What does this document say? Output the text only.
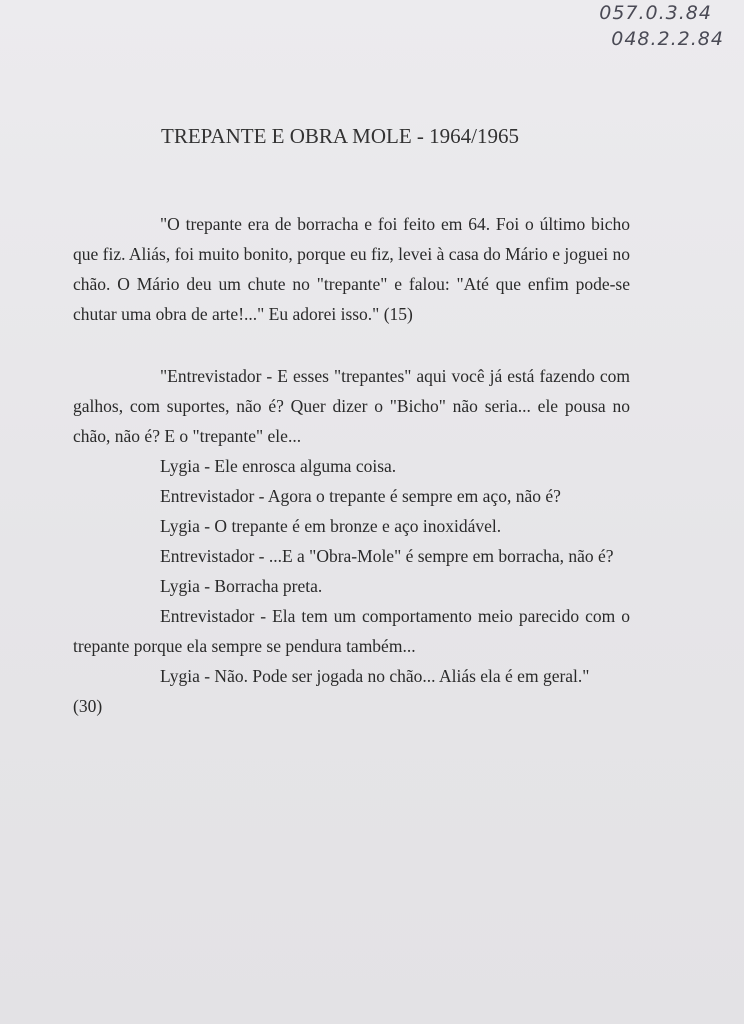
057.0.3.84
048.2.2.84
TREPANTE E OBRA MOLE - 1964/1965

"O trepante era de borracha e foi feito em 64. Foi o último bicho que fiz. Aliás, foi muito bonito, porque eu fiz, levei à casa do Mário e joguei no chão. O Mário deu um chute no "trepante" e falou: "Até que enfim pode-se chutar uma obra de arte!..." Eu adorei isso." (15)

"Entrevistador - E esses "trepantes" aqui você já está fazendo com galhos, com suportes, não é? Quer dizer o "Bicho" não seria... ele pousa no chão, não é? E o "trepante" ele...

Lygia - Ele enrosca alguma coisa.

Entrevistador - Agora o trepante é sempre em aço, não é?

Lygia - O trepante é em bronze e aço inoxidável.

Entrevistador - ...E a "Obra-Mole" é sempre em borracha, não é?

Lygia - Borracha preta.

Entrevistador - Ela tem um comportamento meio parecido com o trepante porque ela sempre se pendura também...

Lygia - Não. Pode ser jogada no chão... Aliás ela é em geral."

(30)
